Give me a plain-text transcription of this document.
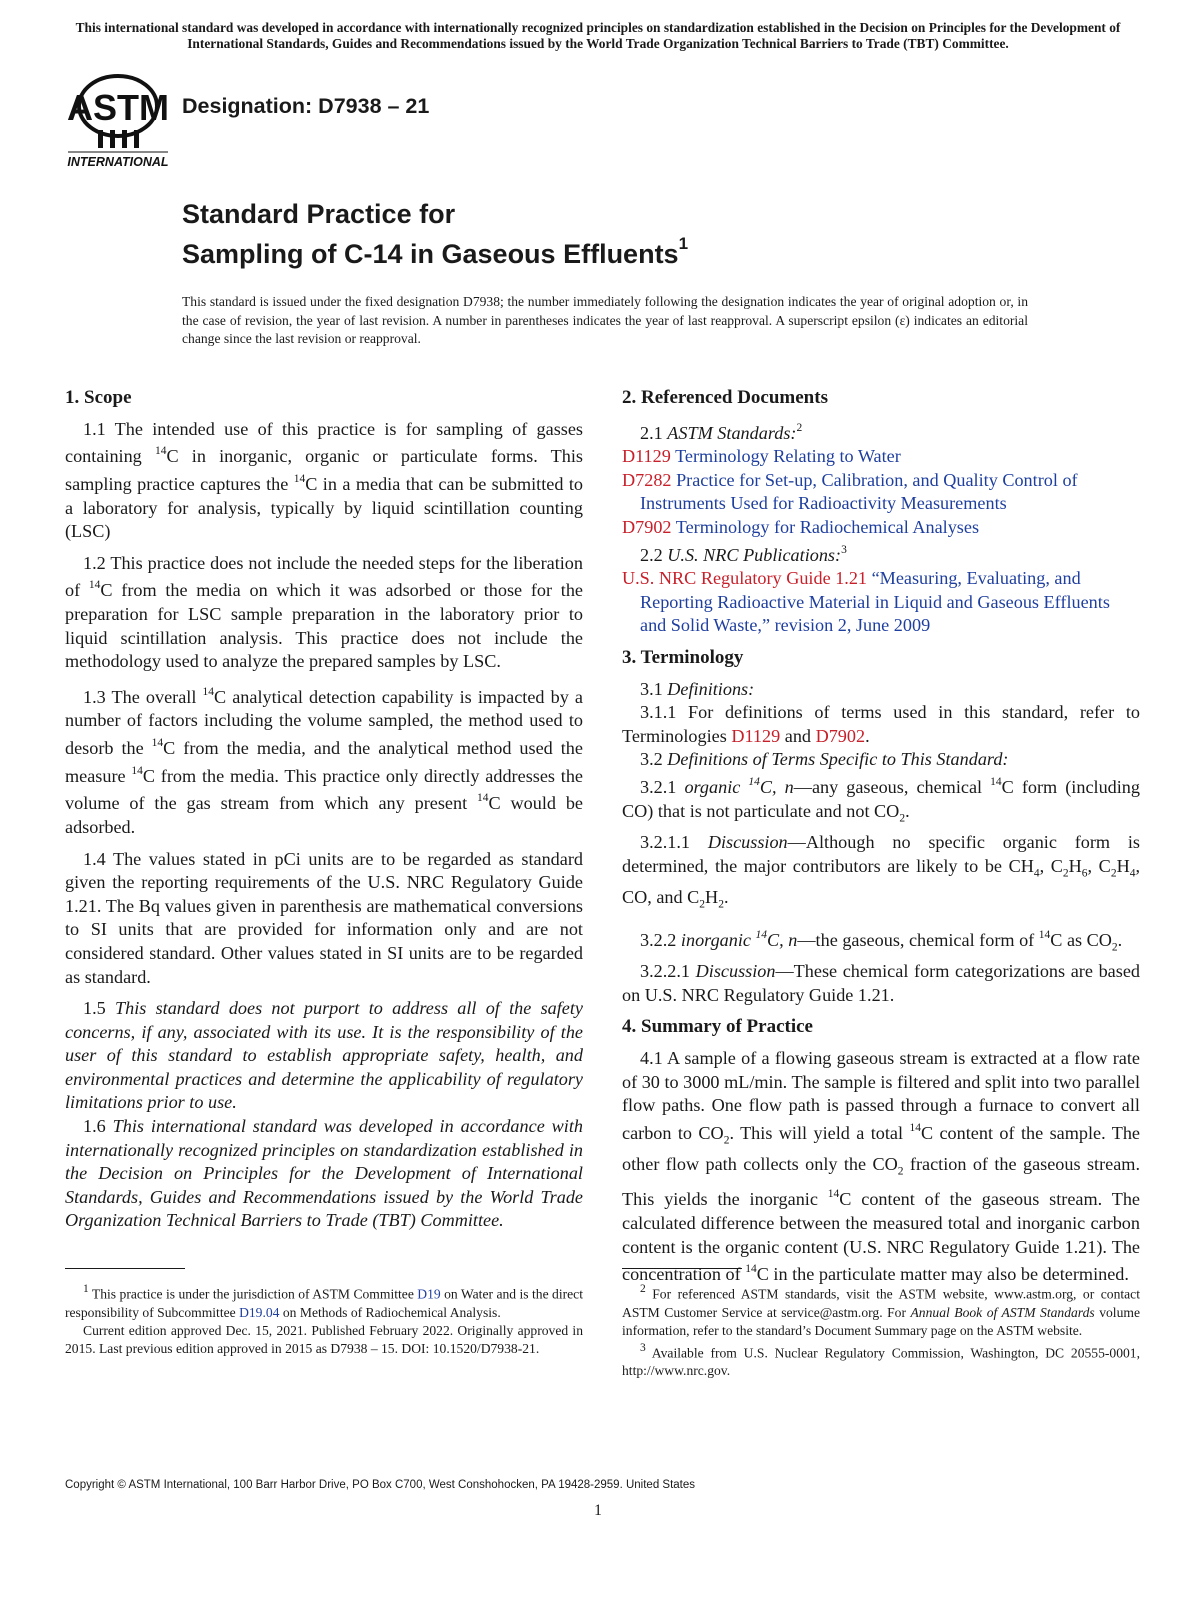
This international standard was developed in accordance with internationally recognized principles on standardization established in the Decision on Principles for the Development of International Standards, Guides and Recommendations issued by the World Trade Organization Technical Barriers to Trade (TBT) Committee.
ASTM
INTERNATIONAL
Designation: D7938 – 21
Standard Practice for
Sampling of C-14 in Gaseous Effluents$^1$
This standard is issued under the fixed designation D7938; the number immediately following the designation indicates the year of original adoption or, in the case of revision, the year of last revision. A number in parentheses indicates the year of last reapproval. A superscript epsilon (ε) indicates an editorial change since the last revision or reapproval.
1. Scope

1.1 The intended use of this practice is for sampling of gasses containing $^{14}$C in inorganic, organic or particulate forms. This sampling practice captures the $^{14}$C in a media that can be submitted to a laboratory for analysis, typically by liquid scintillation counting (LSC)

1.2 This practice does not include the needed steps for the liberation of $^{14}$C from the media on which it was adsorbed or those for the preparation for LSC sample preparation in the laboratory prior to liquid scintillation analysis. This practice does not include the methodology used to analyze the prepared samples by LSC.

1.3 The overall $^{14}$C analytical detection capability is impacted by a number of factors including the volume sampled, the method used to desorb the $^{14}$C from the media, and the analytical method used the measure $^{14}$C from the media. This practice only directly addresses the volume of the gas stream from which any present $^{14}$C would be adsorbed.

1.4 The values stated in pCi units are to be regarded as standard given the reporting requirements of the U.S. NRC Regulatory Guide 1.21. The Bq values given in parenthesis are mathematical conversions to SI units that are provided for information only and are not considered standard. Other values stated in SI units are to be regarded as standard.

1.5 This standard does not purport to address all of the safety concerns, if any, associated with its use. It is the responsibility of the user of this standard to establish appropriate safety, health, and environmental practices and determine the applicability of regulatory limitations prior to use.

1.6 This international standard was developed in accordance with internationally recognized principles on standardization established in the Decision on Principles for the Development of International Standards, Guides and Recommendations issued by the World Trade Organization Technical Barriers to Trade (TBT) Committee.

2. Referenced Documents

2.1 ASTM Standards:$^2$

D1129 Terminology Relating to Water

D7282 Practice for Set-up, Calibration, and Quality Control of Instruments Used for Radioactivity Measurements

D7902 Terminology for Radiochemical Analyses

2.2 U.S. NRC Publications:$^3$

U.S. NRC Regulatory Guide 1.21 “Measuring, Evaluating, and Reporting Radioactive Material in Liquid and Gaseous Effluents and Solid Waste,” revision 2, June 2009

3. Terminology

3.1 Definitions:

3.1.1 For definitions of terms used in this standard, refer to Terminologies D1129 and D7902.

3.2 Definitions of Terms Specific to This Standard:

3.2.1 organic $^{14}$C, n—any gaseous, chemical $^{14}$C form (including CO) that is not particulate and not $CO_2$.

3.2.1.1 Discussion—Although no specific organic form is determined, the major contributors are likely to be $CH_4$, $C_2H_6$, $C_2H_4$, CO, and $C_2H_2$.

3.2.2 inorganic $^{14}$C, n—the gaseous, chemical form of $^{14}$C as $CO_2$.

3.2.2.1 Discussion—These chemical form categorizations are based on U.S. NRC Regulatory Guide 1.21.

4. Summary of Practice

4.1 A sample of a flowing gaseous stream is extracted at a flow rate of 30 to 3000 mL/min. The sample is filtered and split into two parallel flow paths. One flow path is passed through a furnace to convert all carbon to $CO_2$. This will yield a total $^{14}$C content of the sample. The other flow path collects only the $CO_2$ fraction of the gaseous stream. This yields the inorganic $^{14}$C content of the gaseous stream. The calculated difference between the measured total and inorganic carbon content is the organic content (U.S. NRC Regulatory Guide 1.21). The concentration of $^{14}$C in the particulate matter may also be determined.

$^1$ This practice is under the jurisdiction of ASTM Committee D19 on Water and is the direct responsibility of Subcommittee D19.04 on Methods of Radiochemical Analysis.

Current edition approved Dec. 15, 2021. Published February 2022. Originally approved in 2015. Last previous edition approved in 2015 as D7938 – 15. DOI: 10.1520/D7938-21.

$^2$ For referenced ASTM standards, visit the ASTM website, www.astm.org, or contact ASTM Customer Service at service@astm.org. For Annual Book of ASTM Standards volume information, refer to the standard’s Document Summary page on the ASTM website.

$^3$ Available from U.S. Nuclear Regulatory Commission, Washington, DC 20555-0001, http://www.nrc.gov.

Copyright © ASTM International, 100 Barr Harbor Drive, PO Box C700, West Conshohocken, PA 19428-2959. United States
1
